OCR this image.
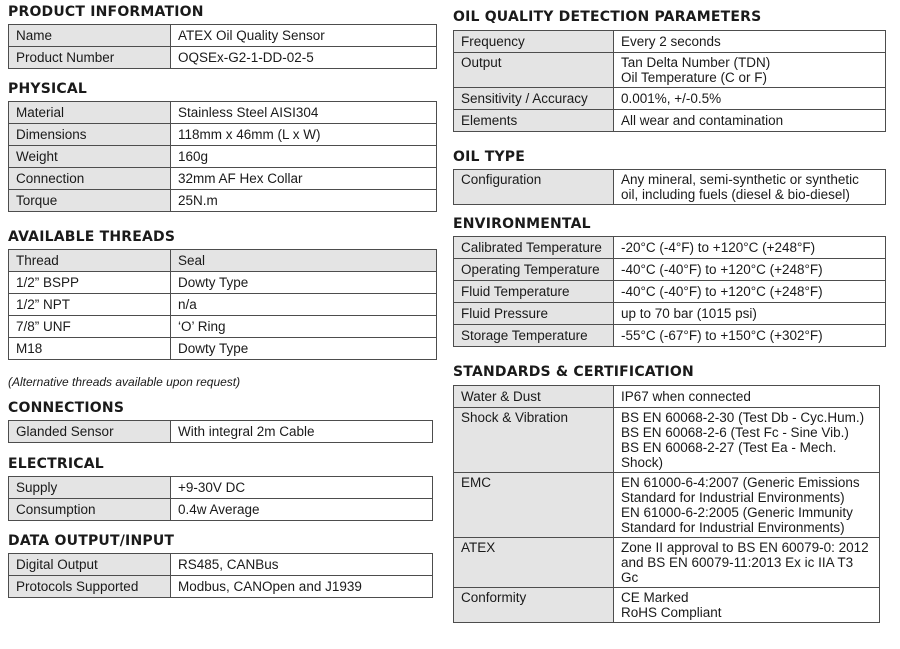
PRODUCT INFORMATION
Name	ATEX Oil Quality Sensor
Product Number	OQSEx-G2-1-DD-02-5
PHYSICAL
Material	Stainless Steel AISI304
Dimensions	118mm x 46mm (L x W)
Weight	160g
Connection	32mm AF Hex Collar
Torque	25N.m
AVAILABLE THREADS
Thread	Seal
1/2” BSPP	Dowty Type
1/2” NPT	n/a
7/8” UNF	‘O’ Ring
M18	Dowty Type
(Alternative threads available upon request)
CONNECTIONS
Glanded Sensor	With integral 2m Cable
ELECTRICAL
Supply	+9-30V DC
Consumption	0.4w Average
DATA OUTPUT/INPUT
Digital Output	RS485, CANBus
Protocols Supported	Modbus, CANOpen and J1939
OIL QUALITY DETECTION PARAMETERS
Frequency	Every 2 seconds

Output	Tan Delta Number (TDN)
Oil Temperature (C or F)

Sensitivity / Accuracy	0.001%, +/-0.5%

Elements	All wear and contamination
OIL TYPE
Configuration	Any mineral, semi-synthetic or synthetic
oil, including fuels (diesel & bio-diesel)
ENVIRONMENTAL
Calibrated Temperature	-20°C (-4°F) to +120°C (+248°F)

Operating Temperature	-40°C (-40°F) to +120°C (+248°F)

Fluid Temperature	-40°C (-40°F) to +120°C (+248°F)

Fluid Pressure	up to 70 bar (1015 psi)

Storage Temperature	-55°C (-67°F) to +150°C (+302°F)
STANDARDS & CERTIFICATION
Water & Dust	IP67 when connected

Shock & Vibration	BS EN 60068-2-30 (Test Db - Cyc.Hum.)
BS EN 60068-2-6 (Test Fc - Sine Vib.)
BS EN 60068-2-27 (Test Ea - Mech.
Shock)

EMC	EN 61000-6-4:2007 (Generic Emissions
Standard for Industrial Environments)
EN 61000-6-2:2005 (Generic Immunity
Standard for Industrial Environments)

ATEX	Zone II approval to BS EN 60079-0: 2012
and BS EN 60079-11:2013 Ex ic IIA T3
Gc

Conformity	CE Marked
RoHS Compliant
